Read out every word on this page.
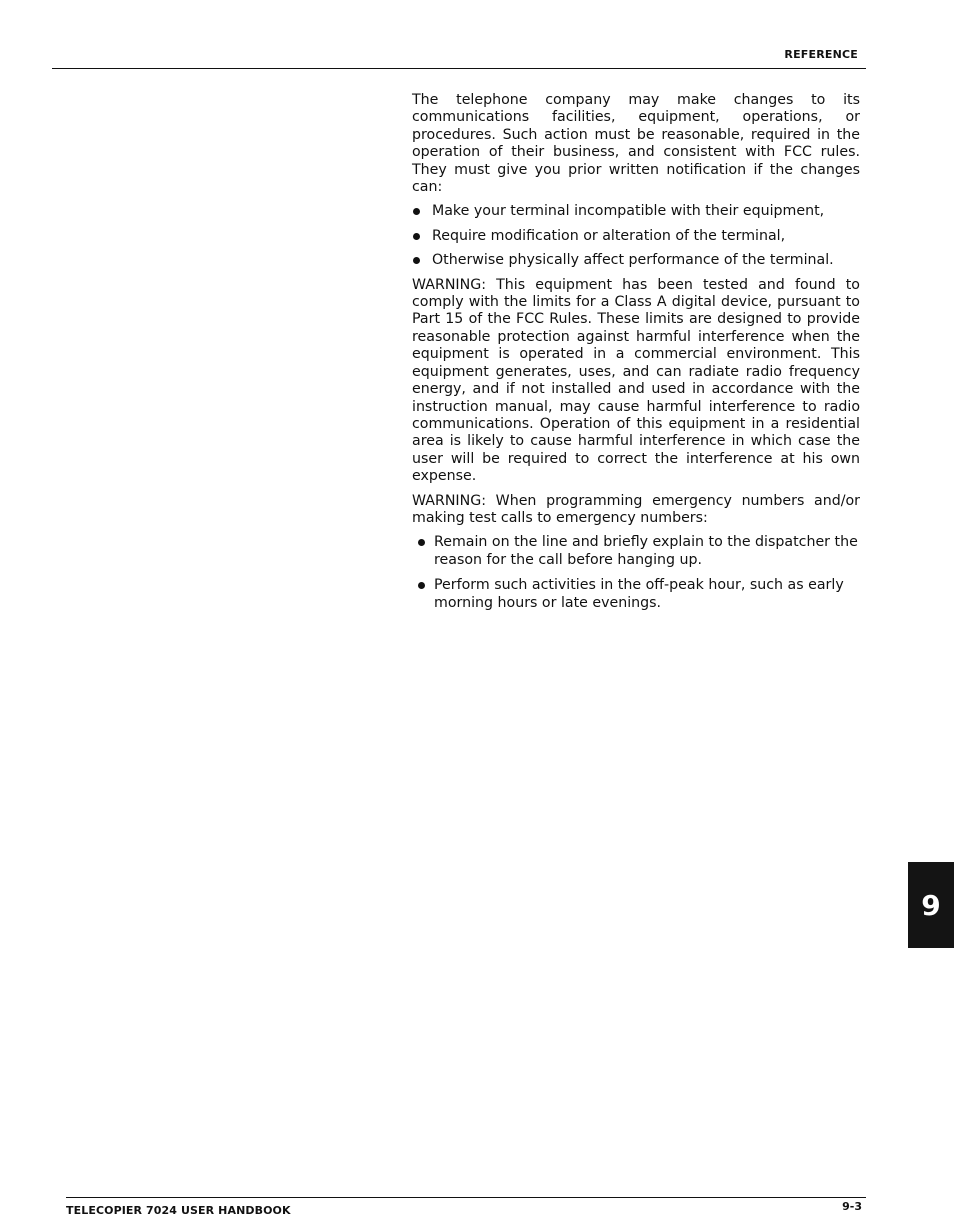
REFERENCE

The telephone company may make changes to its communications facilities, equipment, operations, or procedures. Such action must be reasonable, required in the operation of their business, and consistent with FCC rules. They must give you prior written notification if the changes can:

Make your terminal incompatible with their equipment,
Require modification or alteration of the terminal,
Otherwise physically affect performance of the terminal.

WARNING: This equipment has been tested and found to comply with the limits for a Class A digital device, pursuant to Part 15 of the FCC Rules. These limits are designed to provide reasonable protection against harmful interference when the equipment is operated in a commercial environment. This equipment generates, uses, and can radiate radio frequency energy, and if not installed and used in accordance with the instruction manual, may cause harmful interference to radio communications. Operation of this equipment in a residential area is likely to cause harmful interference in which case the user will be required to correct the interference at his own expense.

WARNING: When programming emergency numbers and/or making test calls to emergency numbers:

Remain on the line and briefly explain to the dispatcher the reason for the call before hanging up.
Perform such activities in the off-peak hour, such as early morning hours or late evenings.
9
TELECOPIER 7024 USER HANDBOOK	9-3
